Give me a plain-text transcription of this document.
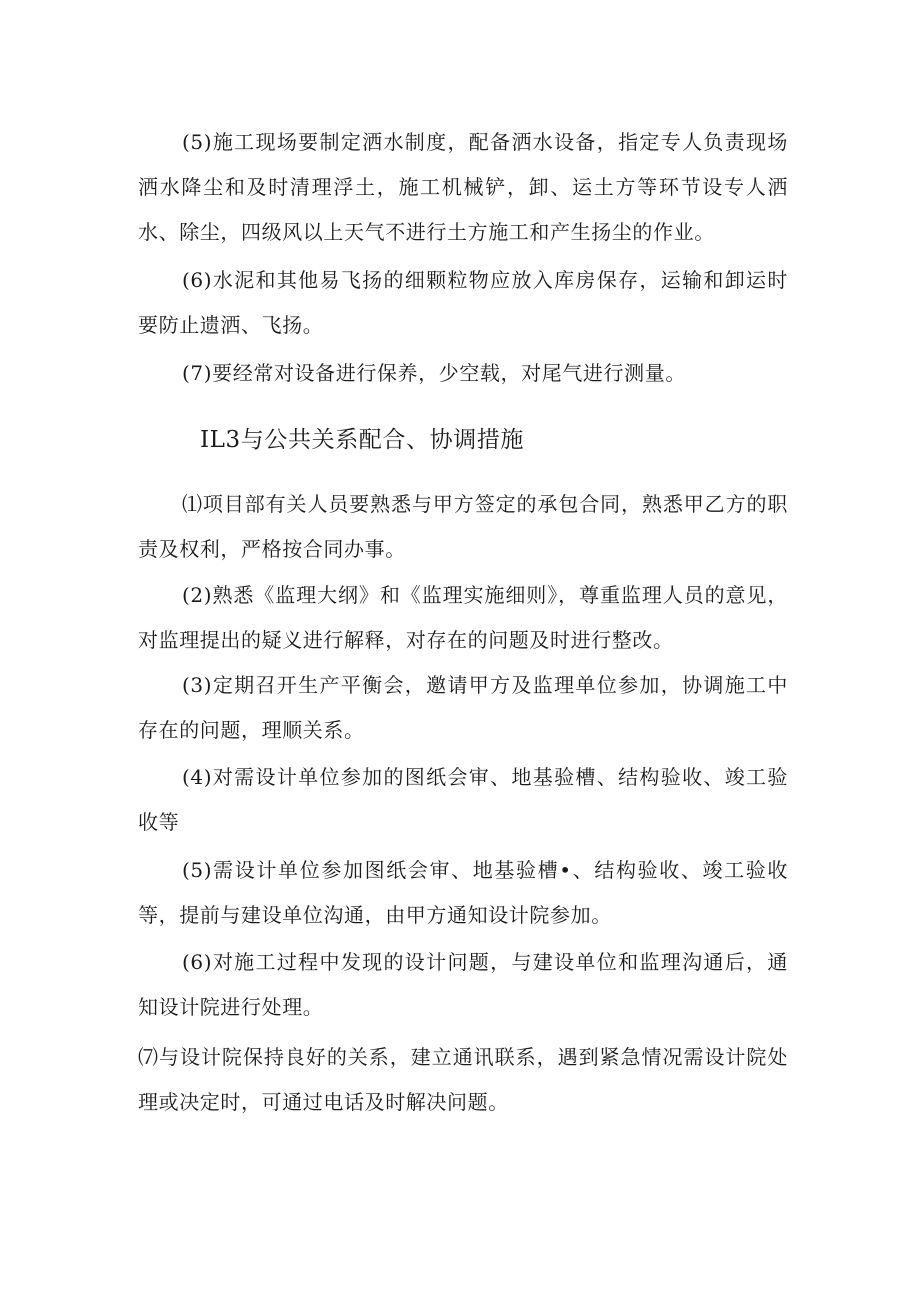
(5)施工现场要制定洒水制度，配备洒水设备，指定专人负责现场洒水降尘和及时清理浮土，施工机械铲，卸、运土方等环节设专人洒水、除尘，四级风以上天气不进行土方施工和产生扬尘的作业。

(6)水泥和其他易飞扬的细颗粒物应放入库房保存，运输和卸运时要防止遗洒、飞扬。

(7)要经常对设备进行保养，少空载，对尾气进行测量。

IL3与公共关系配合、协调措施

⑴项目部有关人员要熟悉与甲方签定的承包合同，熟悉甲乙方的职责及权利，严格按合同办事。

(2)熟悉《监理大纲》和《监理实施细则》，尊重监理人员的意见，对监理提出的疑义进行解释，对存在的问题及时进行整改。

(3)定期召开生产平衡会，邀请甲方及监理单位参加，协调施工中存在的问题，理顺关系。

(4)对需设计单位参加的图纸会审、地基验槽、结构验收、竣工验收等

(5)需设计单位参加图纸会审、地基验槽•、结构验收、竣工验收等，提前与建设单位沟通，由甲方通知设计院参加。

(6)对施工过程中发现的设计问题，与建设单位和监理沟通后，通知设计院进行处理。

⑺与设计院保持良好的关系，建立通讯联系，遇到紧急情况需设计院处理或决定时，可通过电话及时解决问题。
